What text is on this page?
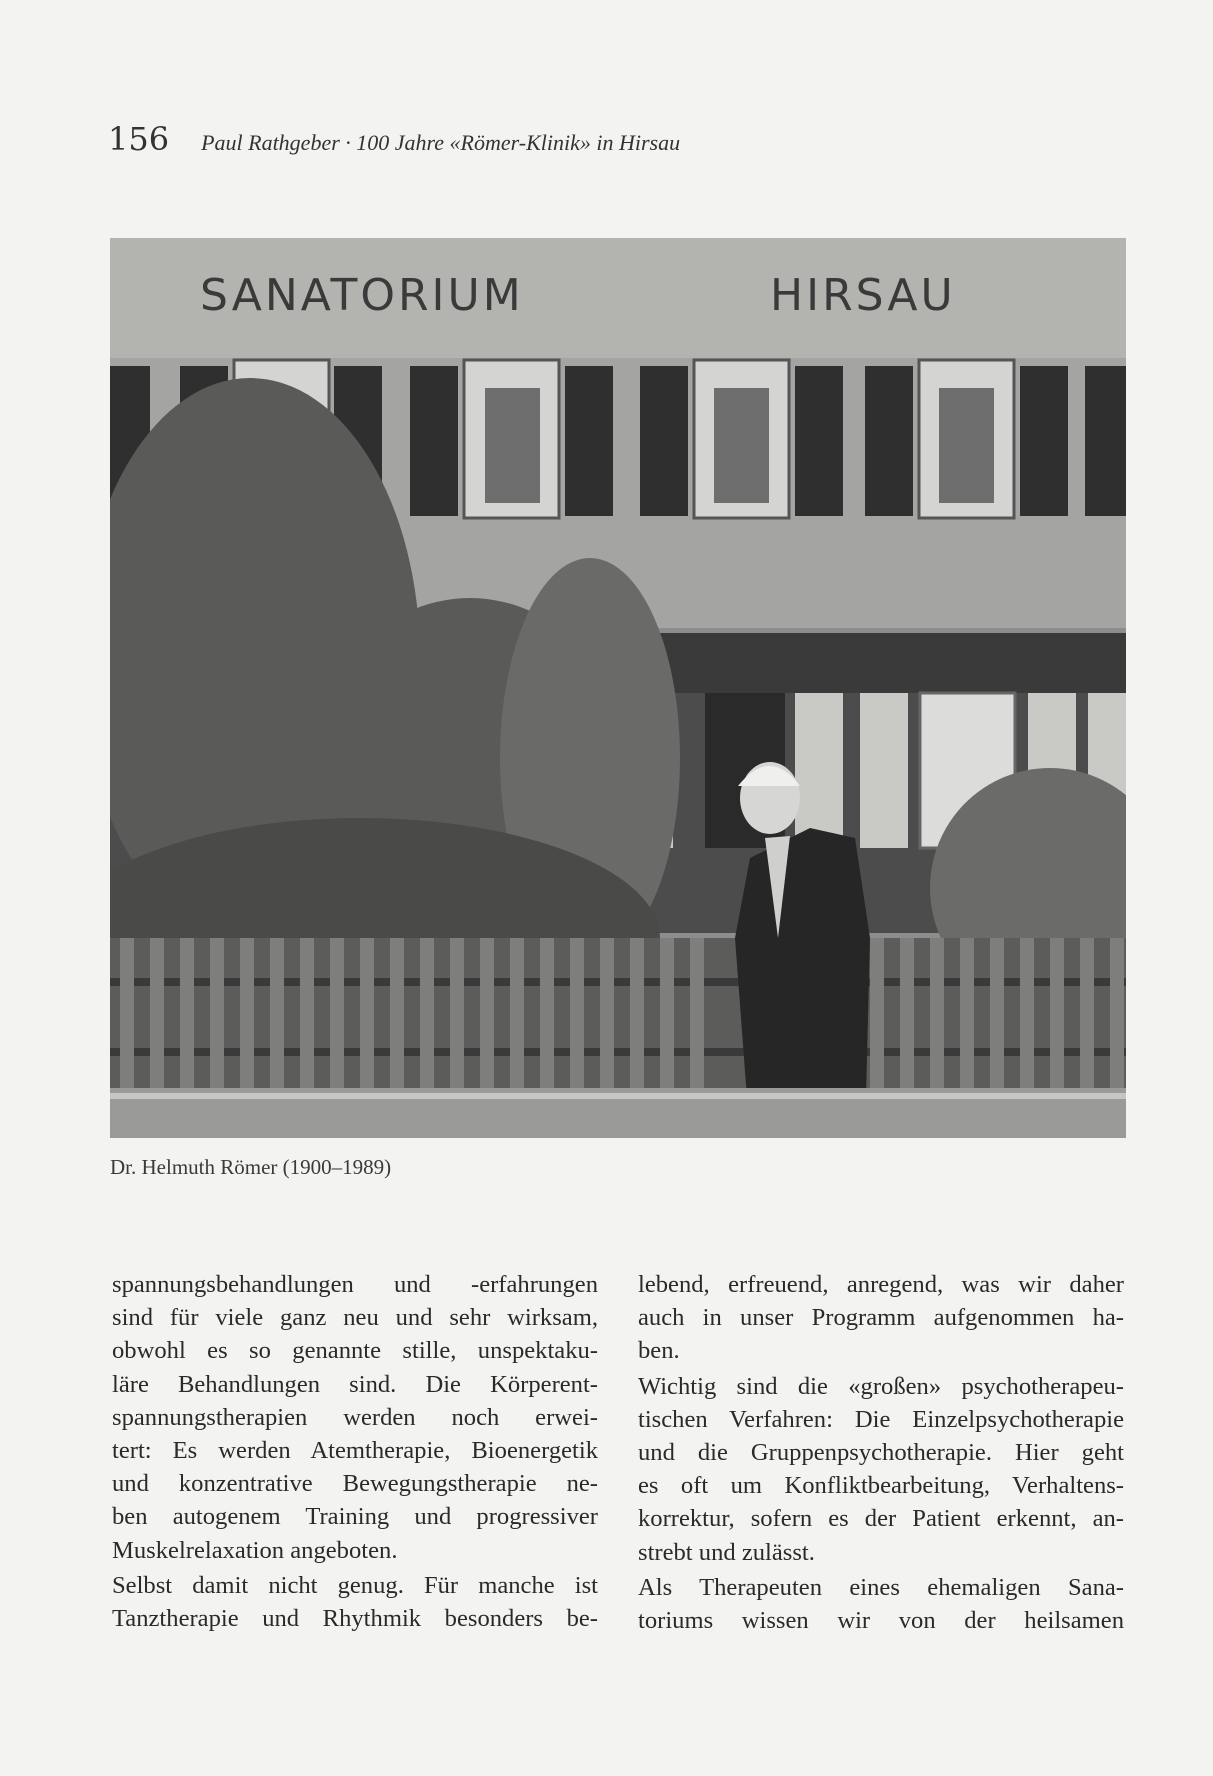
156 Paul Rathgeber · 100 Jahre «Römer-Klinik» in Hirsau
SANATORIUM	HIRSAU
Dr. Helmuth Römer (1900–1989)

spannungsbehandlungen und -erfahrungen

sind für viele ganz neu und sehr wirksam,

obwohl es so genannte stille, unspektaku-

läre Behandlungen sind. Die Körperent-

spannungstherapien werden noch erwei-

tert: Es werden Atemtherapie, Bioenergetik

und konzentrative Bewegungstherapie ne-

ben autogenem Training und progressiver

Muskelrelaxation angeboten.

Selbst damit nicht genug. Für manche ist

Tanztherapie und Rhythmik besonders be-

lebend, erfreuend, anregend, was wir daher

auch in unser Programm aufgenommen ha-

ben.

Wichtig sind die «großen» psychotherapeu-

tischen Verfahren: Die Einzelpsychotherapie

und die Gruppenpsychotherapie. Hier geht

es oft um Konfliktbearbeitung, Verhaltens-

korrektur, sofern es der Patient erkennt, an-

strebt und zulässt.

Als Therapeuten eines ehemaligen Sana-

toriums wissen wir von der heilsamen
